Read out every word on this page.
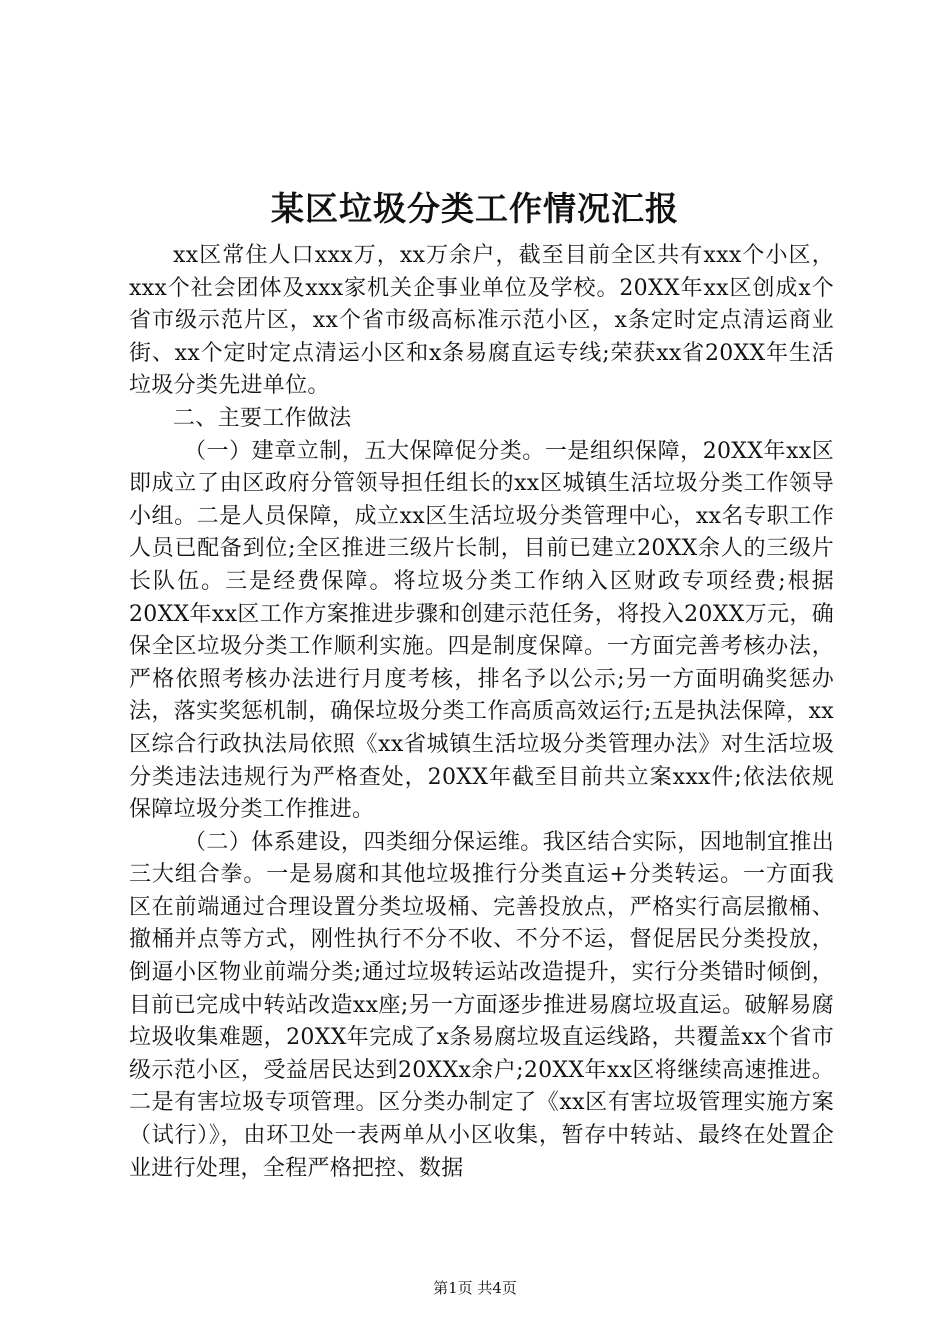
某区垃圾分类工作情况汇报

xx区常住人口xxx万，xx万余户，截至目前全区共有xxx个小区，xxx个社会团体及xxx家机关企事业单位及学校。20XX年xx区创成x个省市级示范片区，xx个省市级高标准示范小区，x条定时定点清运商业街、xx个定时定点清运小区和x条易腐直运专线;荣获xx省20XX年生活垃圾分类先进单位。

二、主要工作做法

（一）建章立制，五大保障促分类。一是组织保障，20XX年xx区即成立了由区政府分管领导担任组长的xx区城镇生活垃圾分类工作领导小组。二是人员保障，成立xx区生活垃圾分类管理中心，xx名专职工作人员已配备到位;全区推进三级片长制，目前已建立20XX余人的三级片长队伍。三是经费保障。将垃圾分类工作纳入区财政专项经费;根据20XX年xx区工作方案推进步骤和创建示范任务，将投入20XX万元，确保全区垃圾分类工作顺利实施。四是制度保障。一方面完善考核办法，严格依照考核办法进行月度考核，排名予以公示;另一方面明确奖惩办法，落实奖惩机制，确保垃圾分类工作高质高效运行;五是执法保障，xx区综合行政执法局依照《xx省城镇生活垃圾分类管理办法》对生活垃圾分类违法违规行为严格查处，20XX年截至目前共立案xxx件;依法依规保障垃圾分类工作推进。

（二）体系建设，四类细分保运维。我区结合实际，因地制宜推出三大组合拳。一是易腐和其他垃圾推行分类直运+分类转运。一方面我区在前端通过合理设置分类垃圾桶、完善投放点，严格实行高层撤桶、撤桶并点等方式，刚性执行不分不收、不分不运，督促居民分类投放，倒逼小区物业前端分类;通过垃圾转运站改造提升，实行分类错时倾倒，目前已完成中转站改造xx座;另一方面逐步推进易腐垃圾直运。破解易腐垃圾收集难题，20XX年完成了x条易腐垃圾直运线路，共覆盖xx个省市级示范小区，受益居民达到20XXx余户;20XX年xx区将继续高速推进。二是有害垃圾专项管理。区分类办制定了《xx区有害垃圾管理实施方案（试行）》，由环卫处一表两单从小区收集，暂存中转站、最终在处置企业进行处理，全程严格把控、数据

第1页 共4页
